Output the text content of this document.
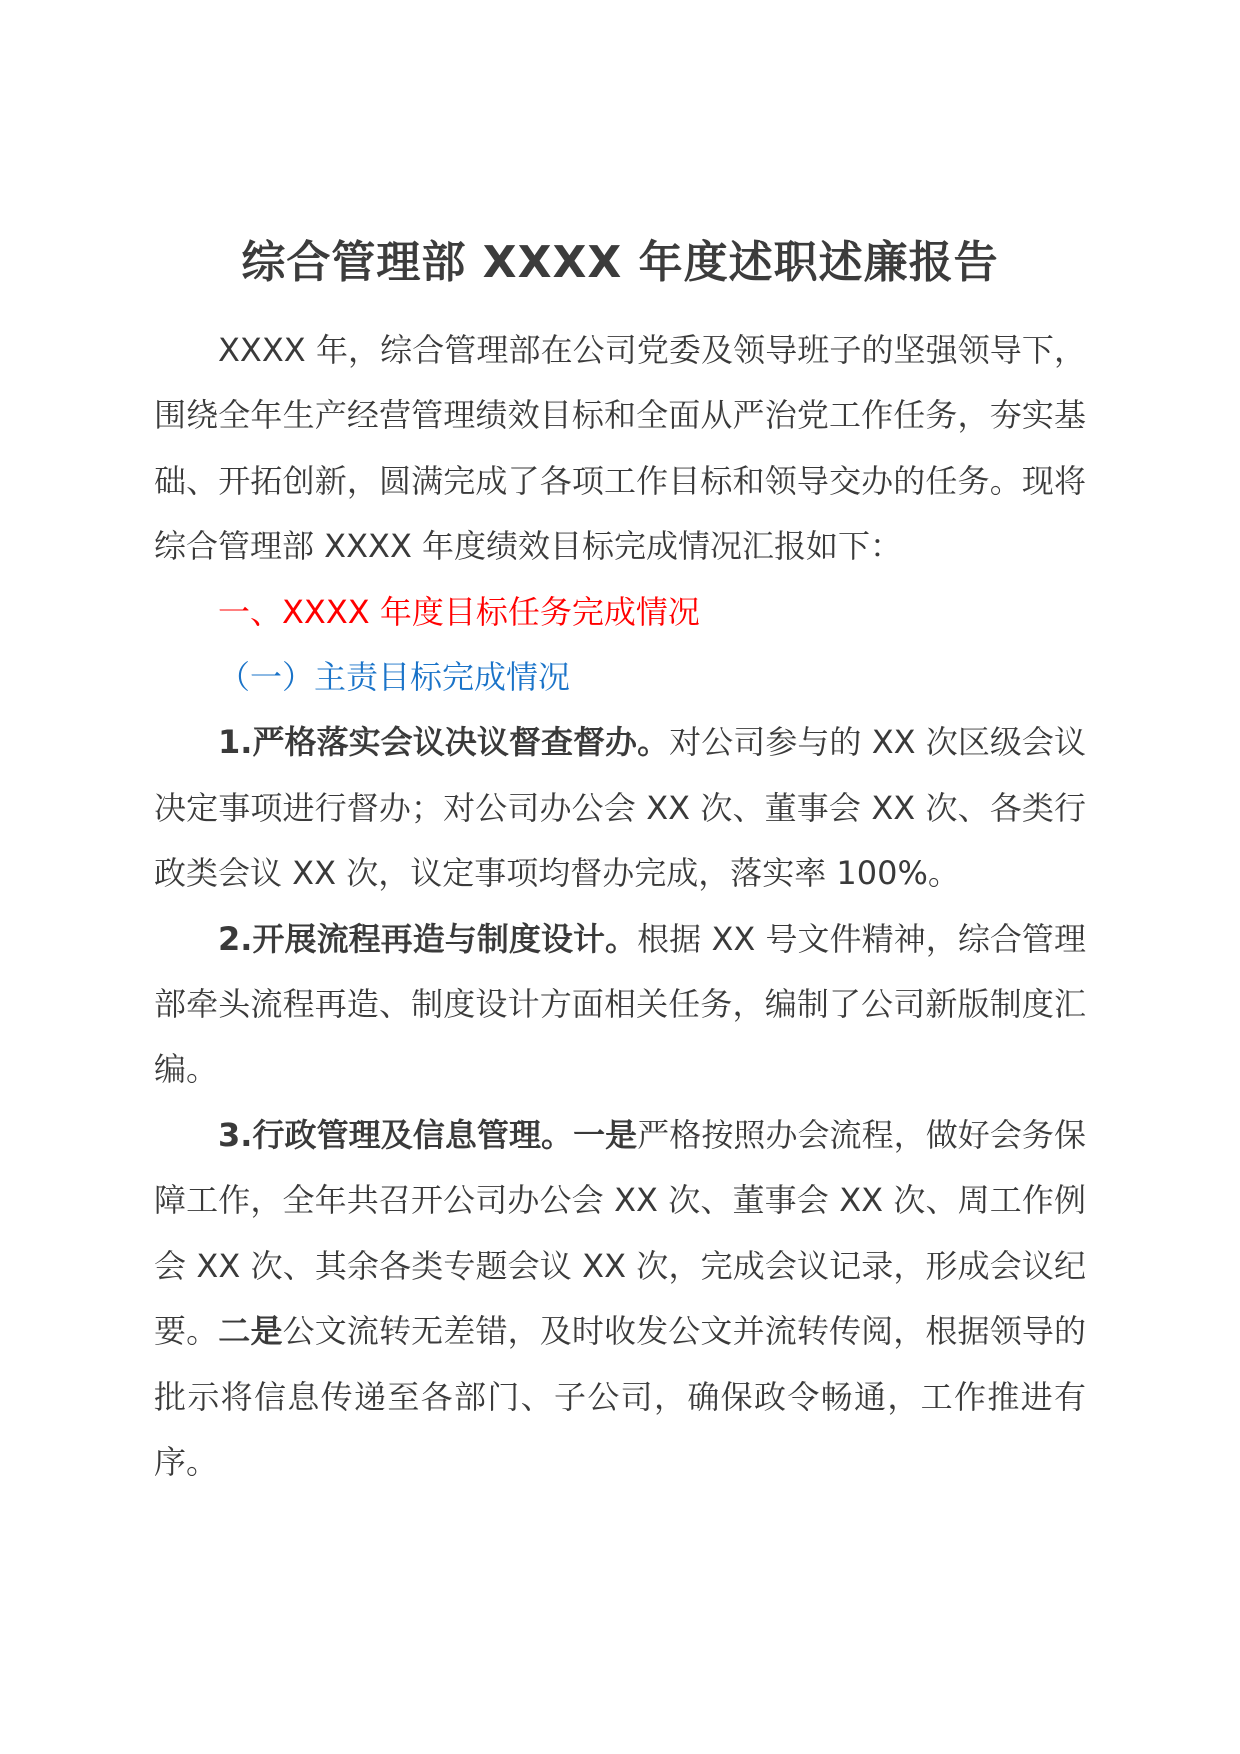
综合管理部 XXXX 年度述职述廉报告

XXXX 年，综合管理部在公司党委及领导班子的坚强领导下，围绕全年生产经营管理绩效目标和全面从严治党工作任务，夯实基础、开拓创新，圆满完成了各项工作目标和领导交办的任务。现将综合管理部 XXXX 年度绩效目标完成情况汇报如下：

一、XXXX 年度目标任务完成情况

（一）主责目标完成情况

1.严格落实会议决议督查督办。对公司参与的 XX 次区级会议决定事项进行督办；对公司办公会 XX 次、董事会 XX 次、各类行政类会议 XX 次，议定事项均督办完成，落实率 100%。

2.开展流程再造与制度设计。根据 XX 号文件精神，综合管理部牵头流程再造、制度设计方面相关任务，编制了公司新版制度汇编。

3.行政管理及信息管理。一是严格按照办会流程，做好会务保障工作，全年共召开公司办公会 XX 次、董事会 XX 次、周工作例会 XX 次、其余各类专题会议 XX 次，完成会议记录，形成会议纪要。二是公文流转无差错，及时收发公文并流转传阅，根据领导的批示将信息传递至各部门、子公司，确保政令畅通，工作推进有序。
